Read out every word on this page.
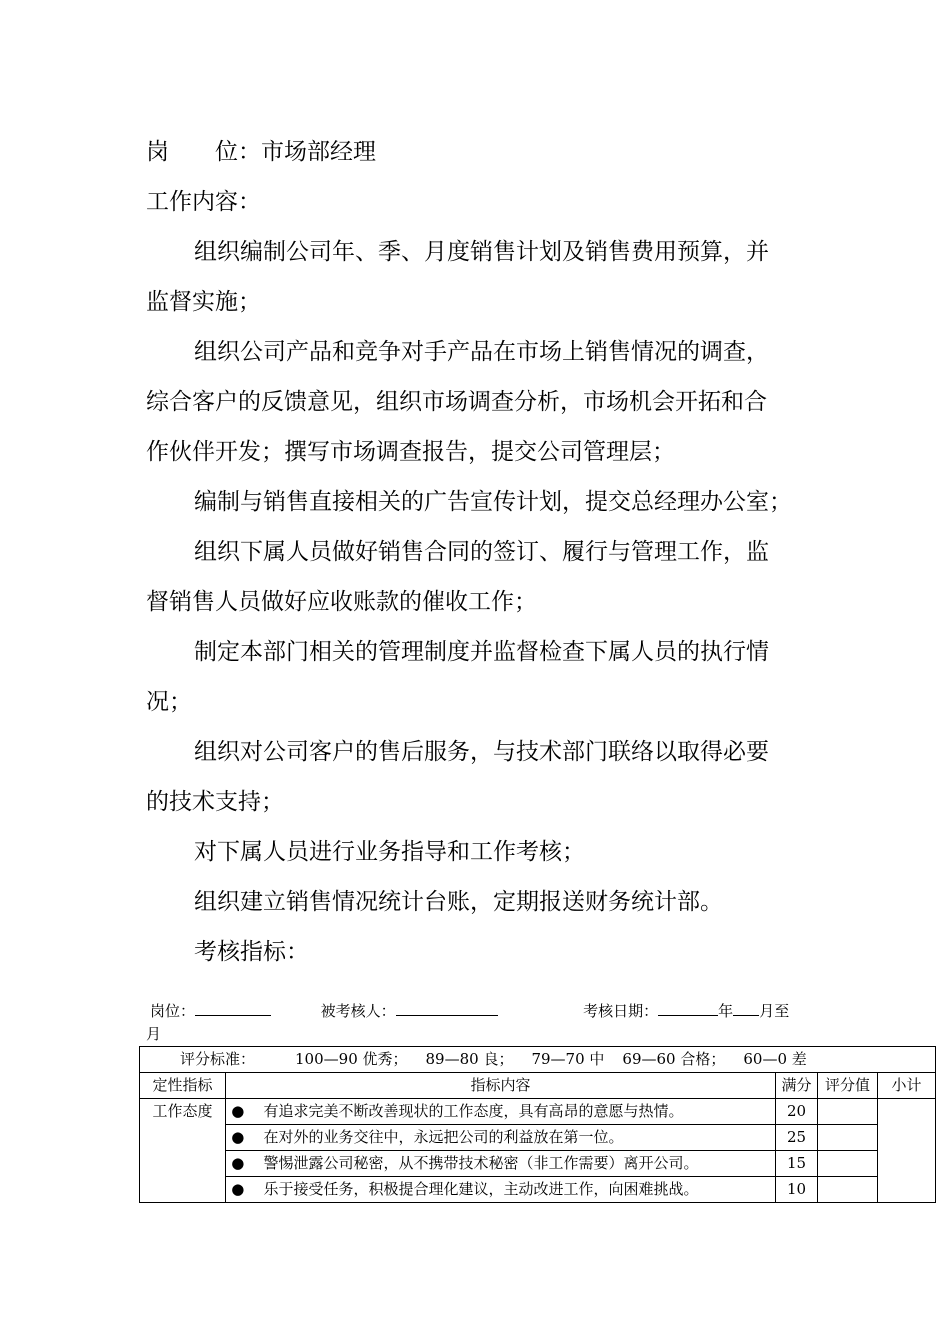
岗 位：市场部经理
工作内容：
组织编制公司年、季、月度销售计划及销售费用预算，并
监督实施；
组织公司产品和竞争对手产品在市场上销售情况的调查，
综合客户的反馈意见，组织市场调查分析，市场机会开拓和合
作伙伴开发；撰写市场调查报告，提交公司管理层；
编制与销售直接相关的广告宣传计划，提交总经理办公室；
组织下属人员做好销售合同的签订、履行与管理工作，监
督销售人员做好应收账款的催收工作；
制定本部门相关的管理制度并监督检查下属人员的执行情
况；
组织对公司客户的售后服务，与技术部门联络以取得必要
的技术支持；
对下属人员进行业务指导和工作考核；
组织建立销售情况统计台账，定期报送财务统计部。
考核指标：
岗位：	被考核人：	考核日期：	年 月至
月
评分标准： 100—90 优秀； 89—80 良； 79—70 中 69—60 合格； 60—0 差					
定性指标	指标内容		满分	评分值	小计
工作态度	●	有追求完美不断改善现状的工作态度，具有高昂的意愿与热情。	20		
	●	在对外的业务交往中，永远把公司的利益放在第一位。	25		
	●	警惕泄露公司秘密，从不携带技术秘密（非工作需要）离开公司。	15		
	●	乐于接受任务，积极提合理化建议，主动改进工作，向困难挑战。	10		
